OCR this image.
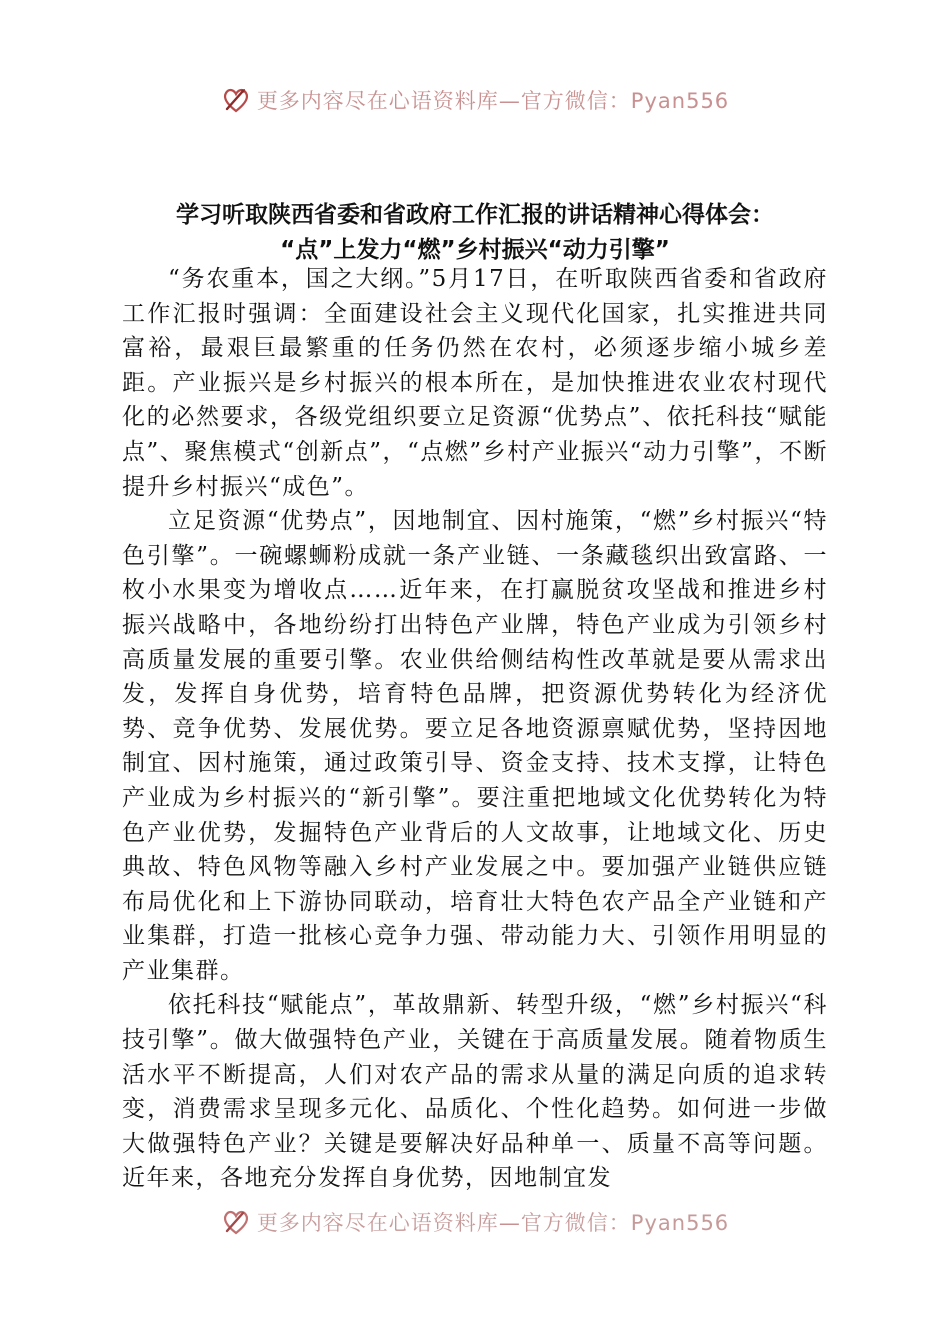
更多内容尽在心语资料库—官方微信：Pyan556
学习听取陕西省委和省政府工作汇报的讲话精神心得体会：
“点”上发力“燃”乡村振兴“动力引擎”

“务农重本，国之大纲。”5月17日，在听取陕西省委和省政府工作汇报时强调：全面建设社会主义现代化国家，扎实推进共同富裕，最艰巨最繁重的任务仍然在农村，必须逐步缩小城乡差距。产业振兴是乡村振兴的根本所在，是加快推进农业农村现代化的必然要求，各级党组织要立足资源“优势点”、依托科技“赋能点”、聚焦模式“创新点”，“点燃”乡村产业振兴“动力引擎”，不断提升乡村振兴“成色”。

立足资源“优势点”，因地制宜、因村施策，“燃”乡村振兴“特色引擎”。一碗螺蛳粉成就一条产业链、一条藏毯织出致富路、一枚小水果变为增收点……近年来，在打赢脱贫攻坚战和推进乡村振兴战略中，各地纷纷打出特色产业牌，特色产业成为引领乡村高质量发展的重要引擎。农业供给侧结构性改革就是要从需求出发，发挥自身优势，培育特色品牌，把资源优势转化为经济优势、竞争优势、发展优势。要立足各地资源禀赋优势，坚持因地制宜、因村施策，通过政策引导、资金支持、技术支撑，让特色产业成为乡村振兴的“新引擎”。要注重把地域文化优势转化为特色产业优势，发掘特色产业背后的人文故事，让地域文化、历史典故、特色风物等融入乡村产业发展之中。要加强产业链供应链布局优化和上下游协同联动，培育壮大特色农产品全产业链和产业集群，打造一批核心竞争力强、带动能力大、引领作用明显的产业集群。

依托科技“赋能点”，革故鼎新、转型升级，“燃”乡村振兴“科技引擎”。做大做强特色产业，关键在于高质量发展。随着物质生活水平不断提高，人们对农产品的需求从量的满足向质的追求转变，消费需求呈现多元化、品质化、个性化趋势。如何进一步做大做强特色产业？关键是要解决好品种单一、质量不高等问题。近年来，各地充分发挥自身优势，因地制宜发

更多内容尽在心语资料库—官方微信：Pyan556
